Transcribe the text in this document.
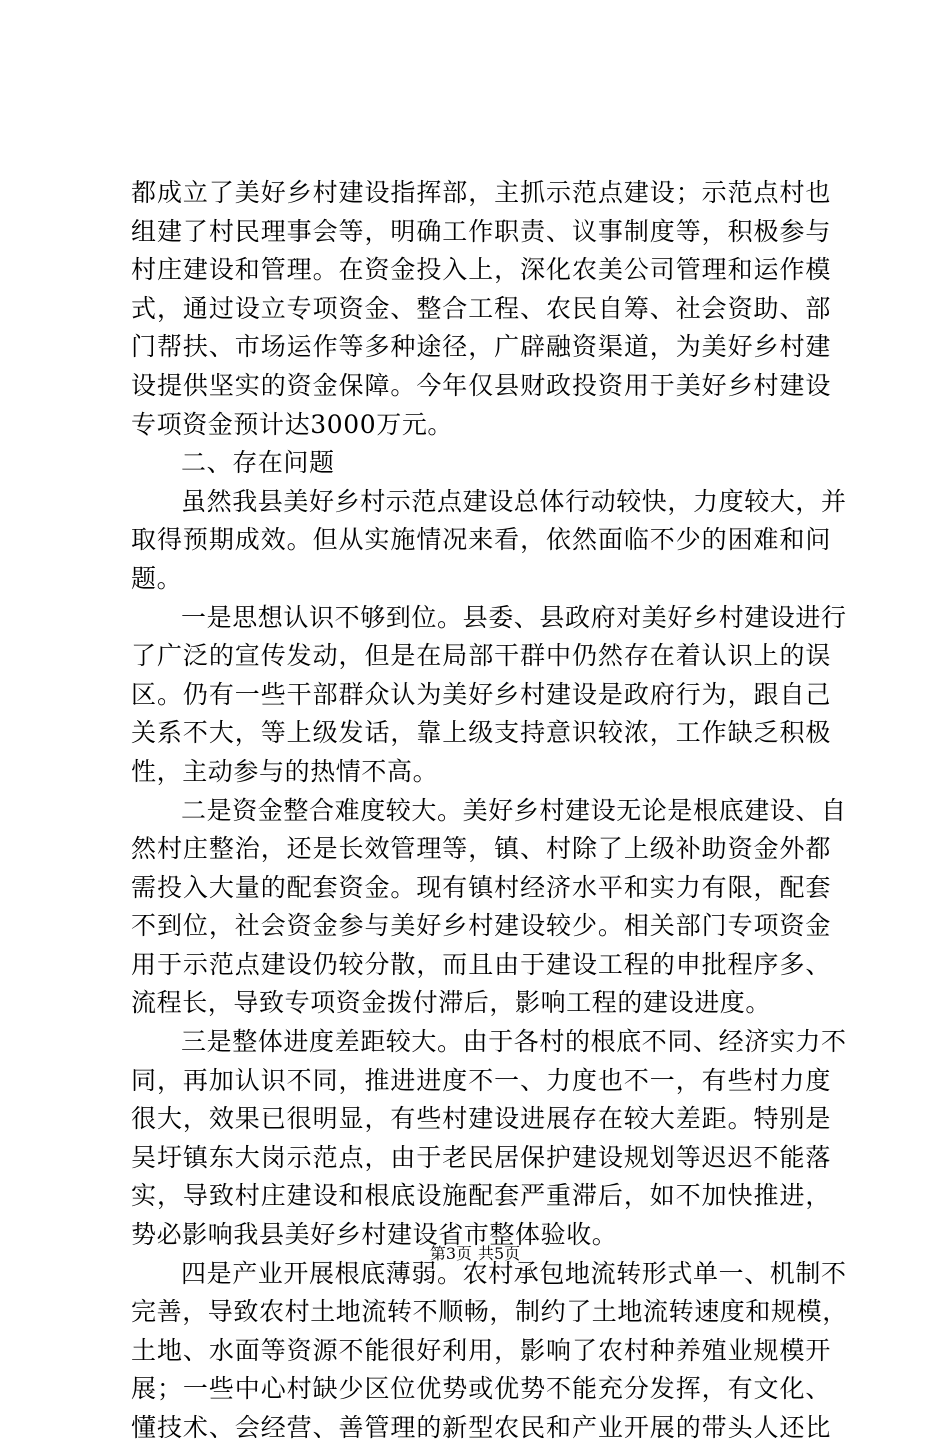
都成立了美好乡村建设指挥部，主抓示范点建设；示范点村也
组建了村民理事会等，明确工作职责、议事制度等，积极参与
村庄建设和管理。在资金投入上，深化农美公司管理和运作模
式，通过设立专项资金、整合工程、农民自筹、社会资助、部
门帮扶、市场运作等多种途径，广辟融资渠道，为美好乡村建
设提供坚实的资金保障。今年仅县财政投资用于美好乡村建设
专项资金预计达3000万元。
二、存在问题
虽然我县美好乡村示范点建设总体行动较快，力度较大，并
取得预期成效。但从实施情况来看，依然面临不少的困难和问
题。
一是思想认识不够到位。县委、县政府对美好乡村建设进行
了广泛的宣传发动，但是在局部干群中仍然存在着认识上的误
区。仍有一些干部群众认为美好乡村建设是政府行为，跟自己
关系不大，等上级发话，靠上级支持意识较浓，工作缺乏积极
性，主动参与的热情不高。
二是资金整合难度较大。美好乡村建设无论是根底建设、自
然村庄整治，还是长效管理等，镇、村除了上级补助资金外都
需投入大量的配套资金。现有镇村经济水平和实力有限，配套
不到位，社会资金参与美好乡村建设较少。相关部门专项资金
用于示范点建设仍较分散，而且由于建设工程的申批程序多、
流程长，导致专项资金拨付滞后，影响工程的建设进度。
三是整体进度差距较大。由于各村的根底不同、经济实力不
同，再加认识不同，推进进度不一、力度也不一，有些村力度
很大，效果已很明显，有些村建设进展存在较大差距。特别是
吴圩镇东大岗示范点，由于老民居保护建设规划等迟迟不能落
实，导致村庄建设和根底设施配套严重滞后，如不加快推进，
势必影响我县美好乡村建设省市整体验收。
四是产业开展根底薄弱。农村承包地流转形式单一、机制不
完善，导致农村土地流转不顺畅，制约了土地流转速度和规模，
土地、水面等资源不能很好利用，影响了农村种养殖业规模开
展；一些中心村缺少区位优势或优势不能充分发挥，有文化、
懂技术、会经营、善管理的新型农民和产业开展的带头人还比
第3页 共5页
